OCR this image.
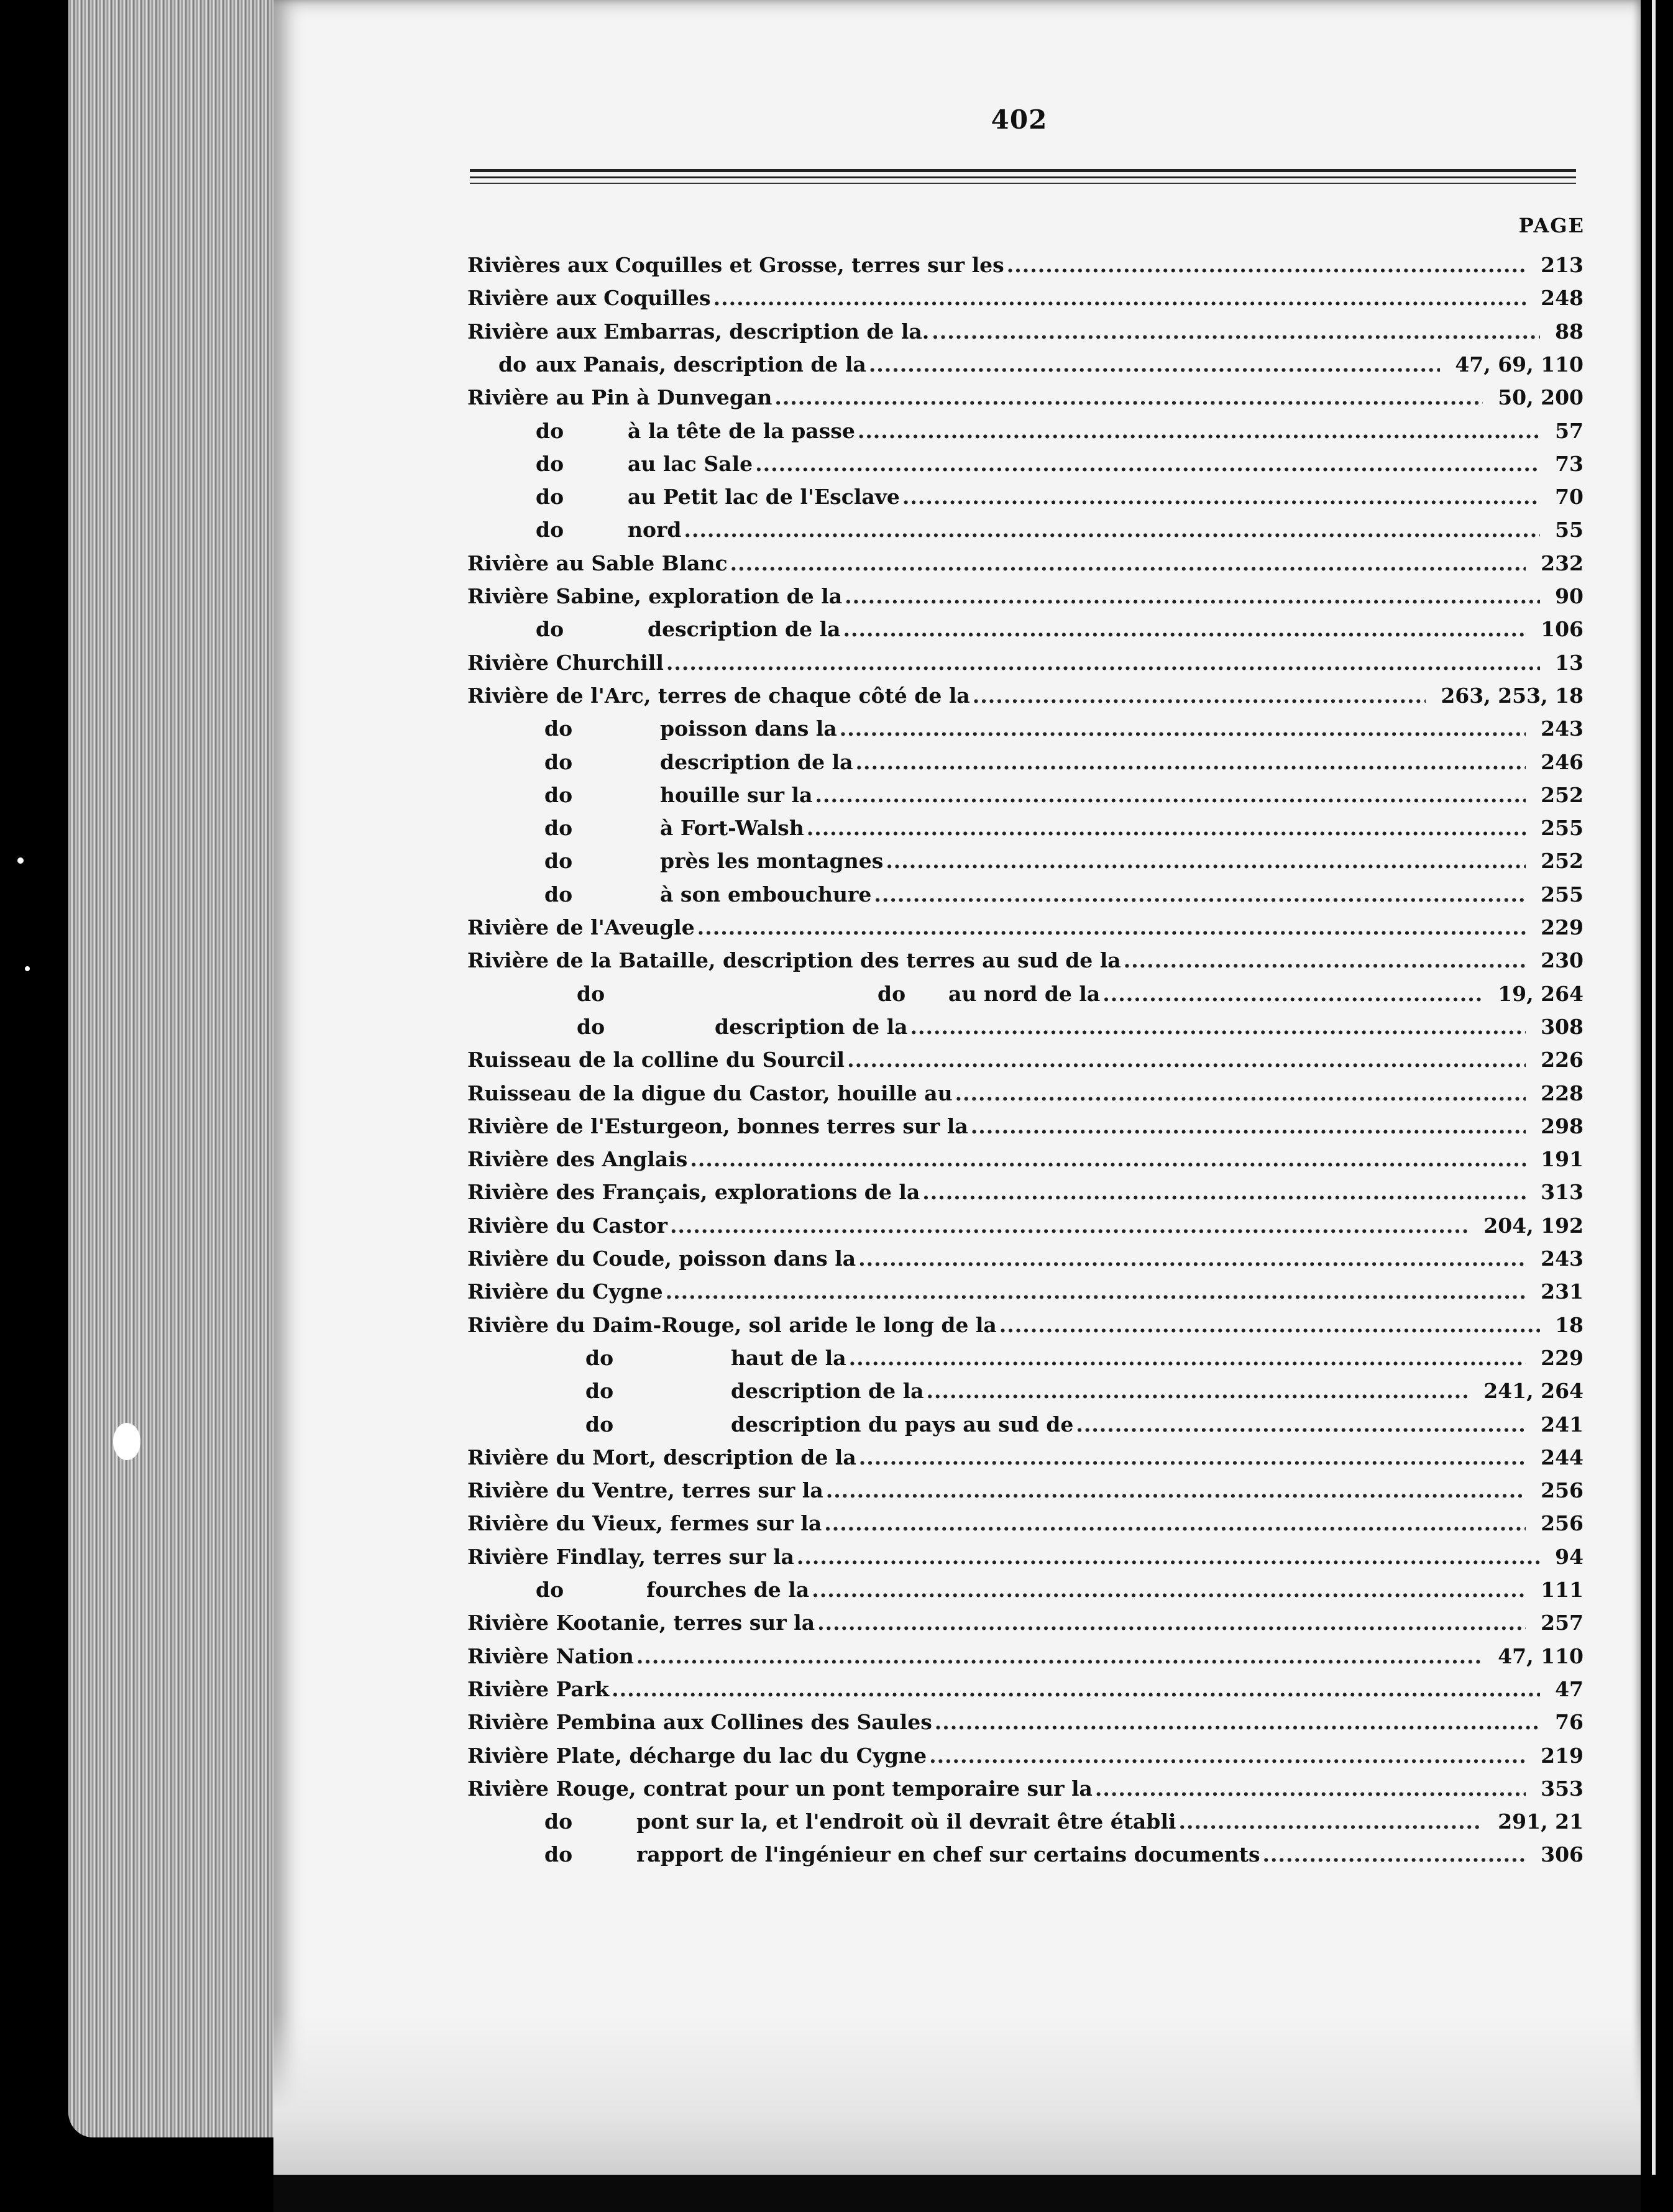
402
PAGE
Rivières aux Coquilles et Grosse, terres sur les	213
.....
Rivière aux Coquilles	248
.....
Rivière aux Embarras, description de la.	88
.....
do aux Panais, description de la	47, 69, 110
.....
Rivière au Pin à Dunvegan	50, 200
.....
do	à la tête de la passe	57
.....
do	au lac Sale	73
.....
do	au Petit lac de l'Esclave	70
.....
do	nord	55
.....
Rivière au Sable Blanc	232
.....
Rivière Sabine, exploration de la	90
.....
do	description de la	106
.....
Rivière Churchill	13
.....
Rivière de l'Arc, terres de chaque côté de la	263, 253, 18
.....
do	poisson dans la	243
.....
do	description de la	246
.....
do	houille sur la	252
.....
do	à Fort-Walsh	255
.....
do	près les montagnes	252
.....
do	à son embouchure	255
.....
Rivière de l'Aveugle	229
.....
Rivière de la Bataille, description des terres au sud de la	230
.....
do	do au nord de la	19, 264
.....
do	description de la	308
.....
Ruisseau de la colline du Sourcil	226
.....
Ruisseau de la digue du Castor, houille au	228
.....
Rivière de l'Esturgeon, bonnes terres sur la	298
.....
Rivière des Anglais	191
.....
Rivière des Français, explorations de la	313
.....
Rivière du Castor	204, 192
.....
Rivière du Coude, poisson dans la	243
.....
Rivière du Cygne	231
.....
Rivière du Daim-Rouge, sol aride le long de la	18
.....
do	haut de la	229
.....
do	description de la	241, 264
.....
do	description du pays au sud de	241
.....
Rivière du Mort, description de la	244
.....
Rivière du Ventre, terres sur la	256
.....
Rivière du Vieux, fermes sur la	256
.....
Rivière Findlay, terres sur la	94
.....
do	fourches de la	111
.....
Rivière Kootanie, terres sur la	257
.....
Rivière Nation	47, 110
.....
Rivière Park	47
.....
Rivière Pembina aux Collines des Saules	76
.....
Rivière Plate, décharge du lac du Cygne	219
.....
Rivière Rouge, contrat pour un pont temporaire sur la	353
.....
do	pont sur la, et l'endroit où il devrait être établi	291, 21
.....
do	rapport de l'ingénieur en chef sur certains documents	306
.....
